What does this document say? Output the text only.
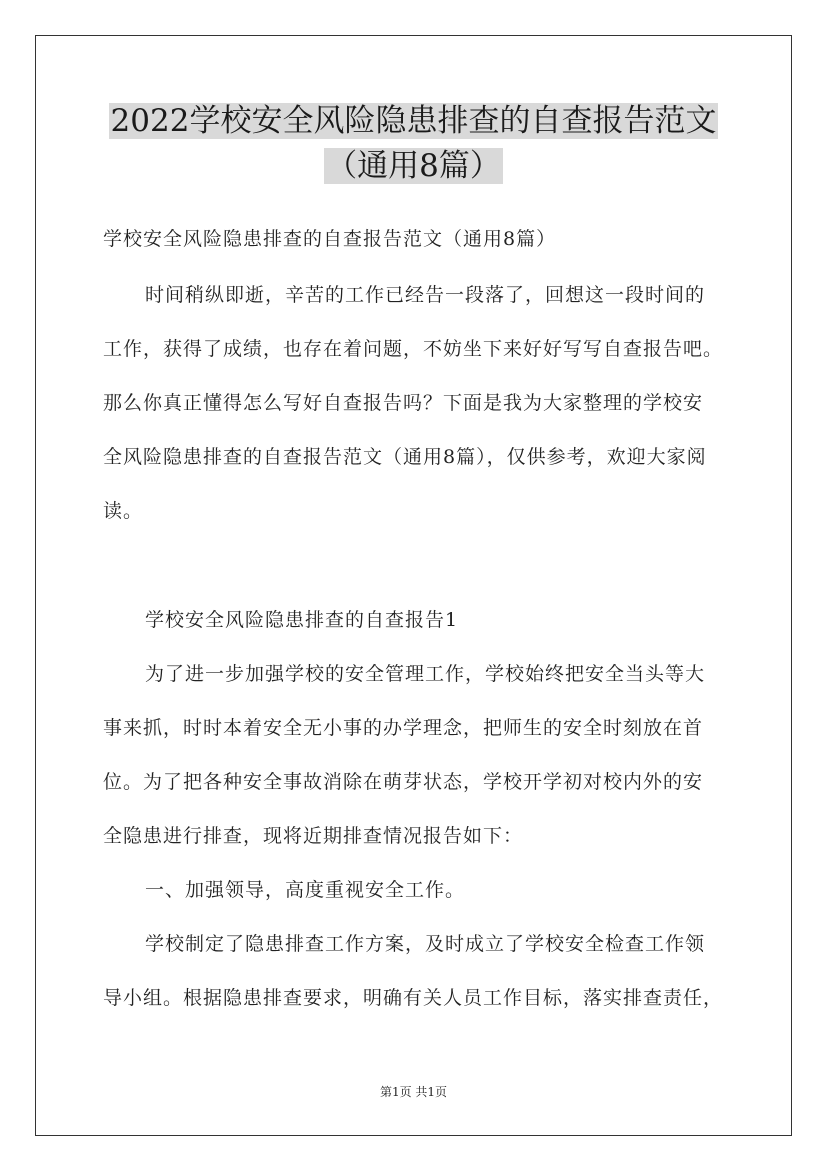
2022学校安全风险隐患排查的自查报告范文
（通用8篇）
学校安全风险隐患排查的自查报告范文（通用8篇）
时间稍纵即逝，辛苦的工作已经告一段落了，回想这一段时间的
工作，获得了成绩，也存在着问题，不妨坐下来好好写写自查报告吧。
那么你真正懂得怎么写好自查报告吗？下面是我为大家整理的学校安
全风险隐患排查的自查报告范文（通用8篇），仅供参考，欢迎大家阅
读。
学校安全风险隐患排查的自查报告1
为了进一步加强学校的安全管理工作，学校始终把安全当头等大
事来抓，时时本着安全无小事的办学理念，把师生的安全时刻放在首
位。为了把各种安全事故消除在萌芽状态，学校开学初对校内外的安
全隐患进行排查，现将近期排查情况报告如下：
一、加强领导，高度重视安全工作。
学校制定了隐患排查工作方案，及时成立了学校安全检查工作领
导小组。根据隐患排查要求，明确有关人员工作目标，落实排查责任，
第1页 共1页
